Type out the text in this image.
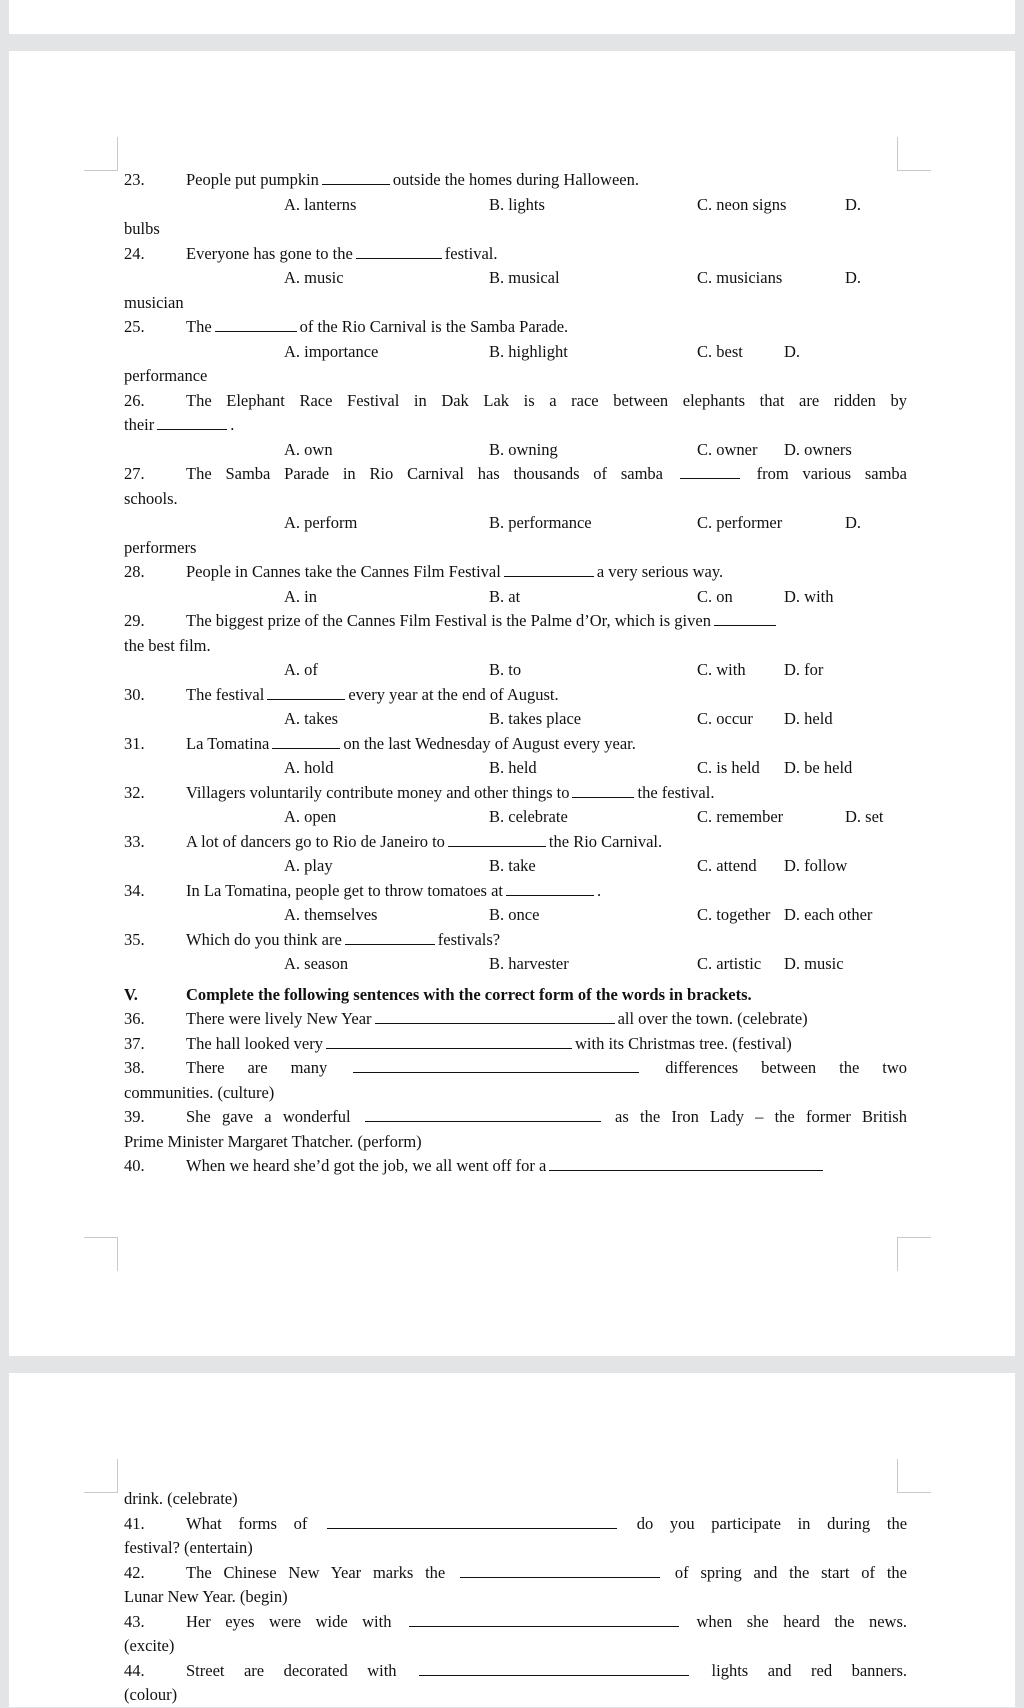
23.	People put pumpkin	outside the homes during Halloween.
A. lanterns	B. lights	C. neon signs	D.
bulbs
24.	Everyone has gone to the	festival.
A. music	B. musical	C. musicians	D.
musician
25.	The	of the Rio Carnival is the Samba Parade.
A. importance	B. highlight	C. best D.
performance
26.	The Elephant Race Festival in Dak Lak is a race between elephants that are ridden by
their	.
A. own	B. owning	C. owner D. owners
27.	The Samba Parade in Rio Carnival has thousands of samba	from various samba
schools.
A. perform	B. performance	C. performer	D.
performers
28.	People in Cannes take the Cannes Film Festival	a very serious way.
A. in	B. at	C. on	D. with
29.	The biggest prize of the Cannes Film Festival is the Palme d’Or, which is given
the best film.
A. of	B. to	C. with D. for
30.	The festival	every year at the end of August.
A. takes	B. takes place	C. occur D. held
31.	La Tomatina	on the last Wednesday of August every year.
A. hold	B. held	C. is held D. be held
32.	Villagers voluntarily contribute money and other things to	the festival.
A. open	B. celebrate	C. remember	D. set
33.	A lot of dancers go to Rio de Janeiro to	the Rio Carnival.
A. play	B. take	C. attend D. follow
34.	In La Tomatina, people get to throw tomatoes at	.
A. themselves	B. once	C. together D. each other
35.	Which do you think are	festivals?
A. season	B. harvester	C. artistic D. music
V.	Complete the following sentences with the correct form of the words in brackets.
36.	There were lively New Year	all over the town. (celebrate)
37.	The hall looked very	with its Christmas tree. (festival)
38.	There are many	differences between the two
communities. (culture)
39.	She gave a wonderful	as the Iron Lady – the former British
Prime Minister Margaret Thatcher. (perform)
40.	When we heard she’d got the job, we all went off for a
drink. (celebrate)
41.	What forms of	do you participate in during the
festival? (entertain)
42.	The Chinese New Year marks the	of spring and the start of the
Lunar New Year. (begin)
43.	Her eyes were wide with	when she heard the news.
(excite)
44.	Street are decorated with	lights and red banners.
(colour)
